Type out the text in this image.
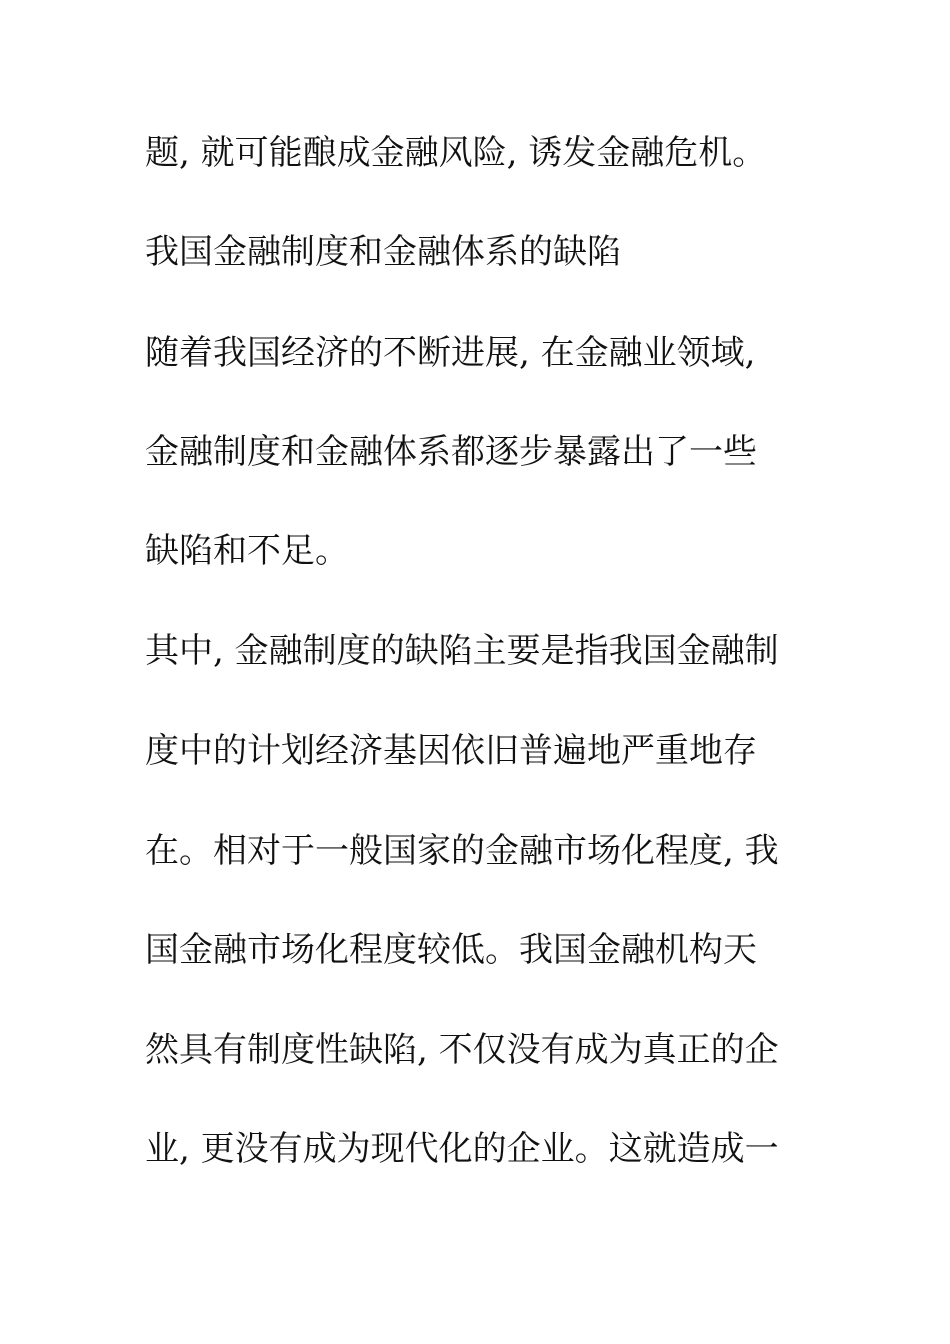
题, 就可能酿成金融风险, 诱发金融危机。
我国金融制度和金融体系的缺陷
随着我国经济的不断进展, 在金融业领域,
金融制度和金融体系都逐步暴露出了一些
缺陷和不足。
其中, 金融制度的缺陷主要是指我国金融制
度中的计划经济基因依旧普遍地严重地存
在。相对于一般国家的金融市场化程度, 我
国金融市场化程度较低。我国金融机构天
然具有制度性缺陷, 不仅没有成为真正的企
业, 更没有成为现代化的企业。这就造成一
